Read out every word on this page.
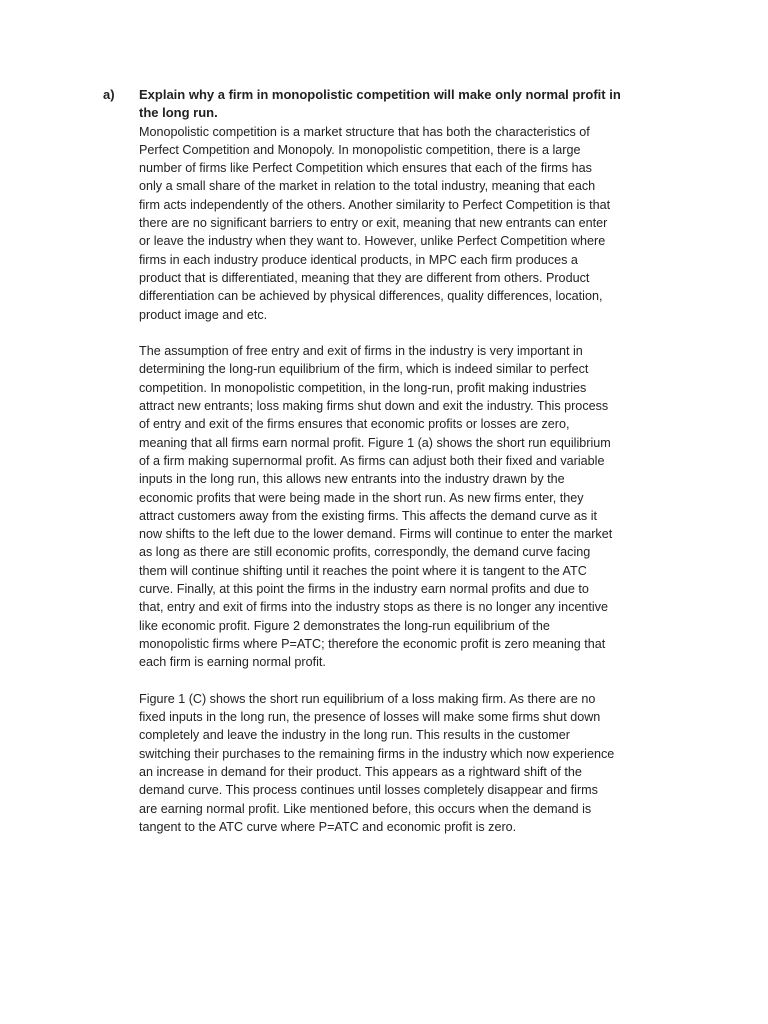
a) Explain why a firm in monopolistic competition will make only normal profit in
the long run.

Monopolistic competition is a market structure that has both the characteristics of
Perfect Competition and Monopoly. In monopolistic competition, there is a large
number of firms like Perfect Competition which ensures that each of the firms has
only a small share of the market in relation to the total industry, meaning that each
firm acts independently of the others. Another similarity to Perfect Competition is that
there are no significant barriers to entry or exit, meaning that new entrants can enter
or leave the industry when they want to. However, unlike Perfect Competition where
firms in each industry produce identical products, in MPC each firm produces a
product that is differentiated, meaning that they are different from others. Product
differentiation can be achieved by physical differences, quality differences, location,
product image and etc.

The assumption of free entry and exit of firms in the industry is very important in
determining the long-run equilibrium of the firm, which is indeed similar to perfect
competition. In monopolistic competition, in the long-run, profit making industries
attract new entrants; loss making firms shut down and exit the industry. This process
of entry and exit of the firms ensures that economic profits or losses are zero,
meaning that all firms earn normal profit. Figure 1 (a) shows the short run equilibrium
of a firm making supernormal profit. As firms can adjust both their fixed and variable
inputs in the long run, this allows new entrants into the industry drawn by the
economic profits that were being made in the short run. As new firms enter, they
attract customers away from the existing firms. This affects the demand curve as it
now shifts to the left due to the lower demand. Firms will continue to enter the market
as long as there are still economic profits, correspondly, the demand curve facing
them will continue shifting until it reaches the point where it is tangent to the ATC
curve. Finally, at this point the firms in the industry earn normal profits and due to
that, entry and exit of firms into the industry stops as there is no longer any incentive
like economic profit. Figure 2 demonstrates the long-run equilibrium of the
monopolistic firms where P=ATC; therefore the economic profit is zero meaning that
each firm is earning normal profit.

Figure 1 (C) shows the short run equilibrium of a loss making firm. As there are no
fixed inputs in the long run, the presence of losses will make some firms shut down
completely and leave the industry in the long run. This results in the customer
switching their purchases to the remaining firms in the industry which now experience
an increase in demand for their product. This appears as a rightward shift of the
demand curve. This process continues until losses completely disappear and firms
are earning normal profit. Like mentioned before, this occurs when the demand is
tangent to the ATC curve where P=ATC and economic profit is zero.
